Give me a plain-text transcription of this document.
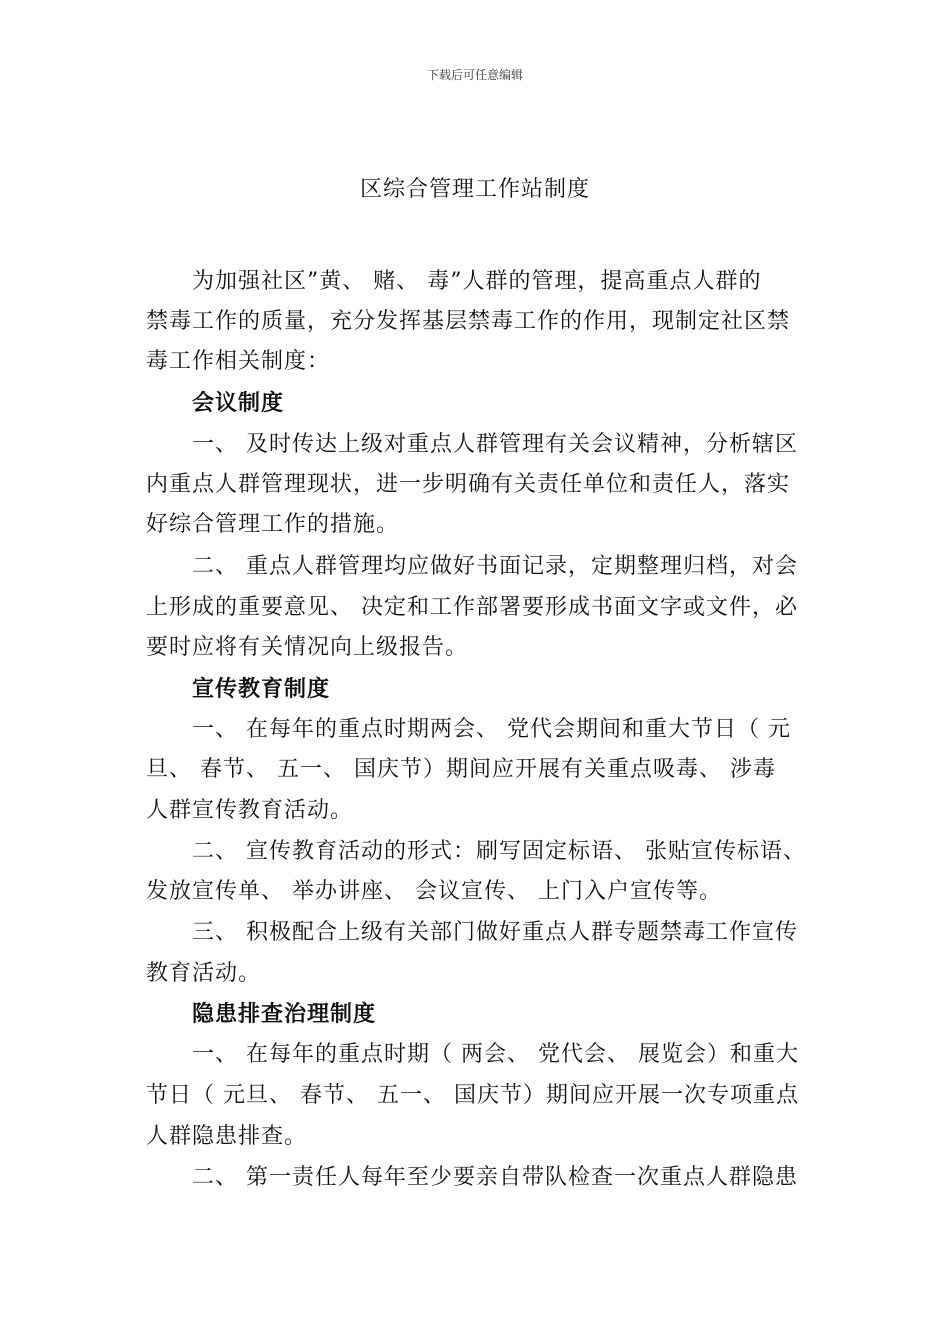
下载后可任意编辑
区综合管理工作站制度
为加强社区”黄、 赌、 毒”人群的管理，提高重点人群的
禁毒工作的质量，充分发挥基层禁毒工作的作用，现制定社区禁
毒工作相关制度：
会议制度
一、 及时传达上级对重点人群管理有关会议精神，分析辖区
内重点人群管理现状，进一步明确有关责任单位和责任人，落实
好综合管理工作的措施。
二、 重点人群管理均应做好书面记录，定期整理归档，对会
上形成的重要意见、 决定和工作部署要形成书面文字或文件，必
要时应将有关情况向上级报告。
宣传教育制度
一、 在每年的重点时期两会、 党代会期间和重大节日（ 元
旦、 春节、 五一、 国庆节）期间应开展有关重点吸毒、 涉毒
人群宣传教育活动。
二、 宣传教育活动的形式：刷写固定标语、 张贴宣传标语、
发放宣传单、 举办讲座、 会议宣传、 上门入户宣传等。
三、 积极配合上级有关部门做好重点人群专题禁毒工作宣传
教育活动。
隐患排查治理制度
一、 在每年的重点时期（ 两会、 党代会、 展览会）和重大
节日（ 元旦、 春节、 五一、 国庆节）期间应开展一次专项重点
人群隐患排查。
二、 第一责任人每年至少要亲自带队检查一次重点人群隐患
